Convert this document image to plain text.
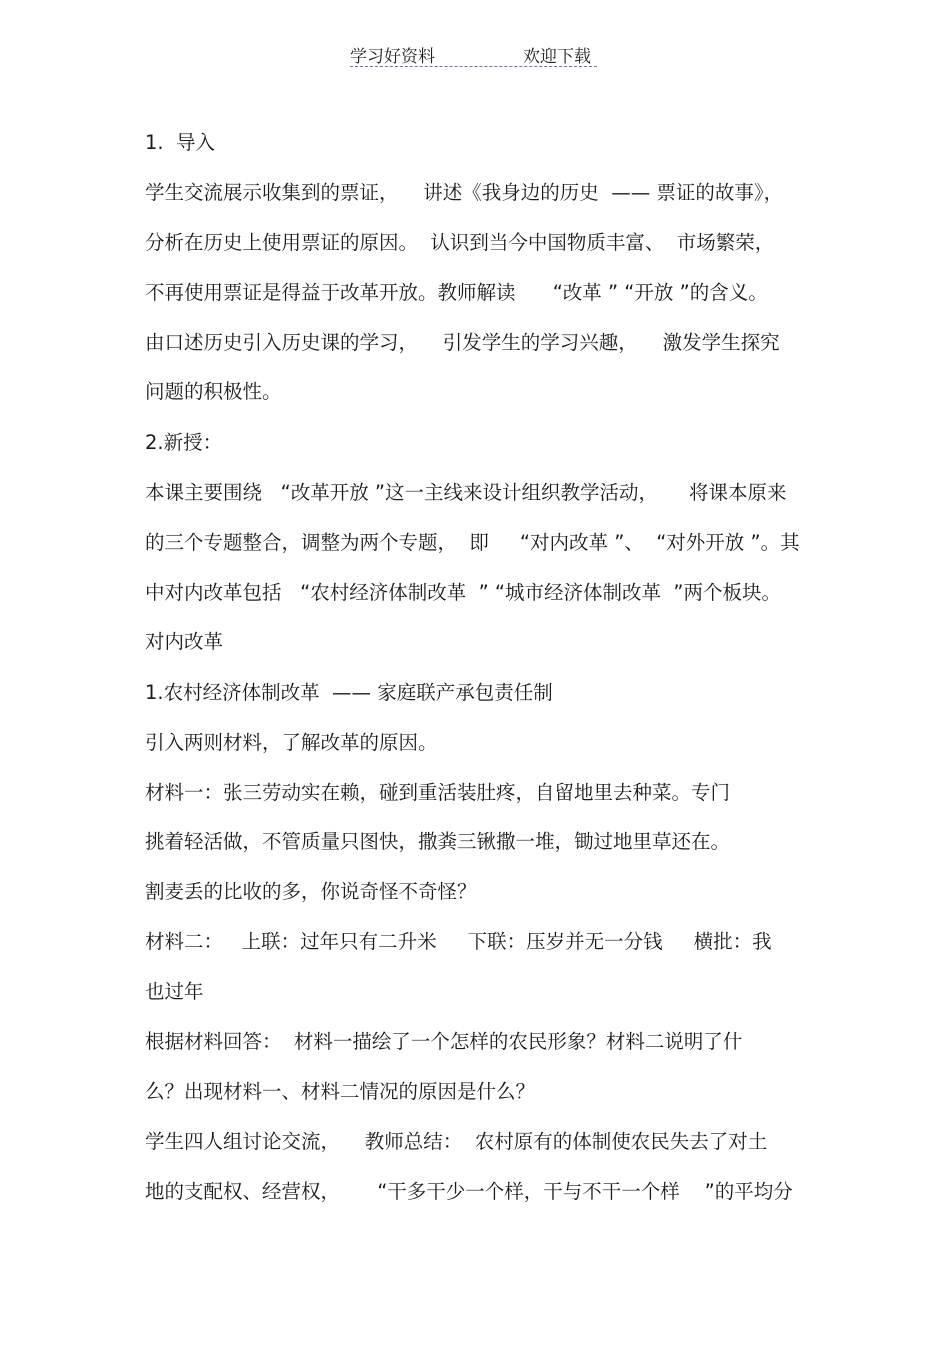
学习好资料	欢迎下载
1.  导入
学生交流展示收集到的票证，    讲述《我身边的历史  —— 票证的故事》，
分析在历史上使用票证的原因。  认识到当今中国物质丰富、  市场繁荣，
不再使用票证是得益于改革开放。教师解读      “改革 ” “开放 ”的含义。
由口述历史引入历史课的学习，    引发学生的学习兴趣，    激发学生探究
问题的积极性。
2.新授：
本课主要围绕   “改革开放 ”这一主线来设计组织教学活动，     将课本原来
的三个专题整合，调整为两个专题，  即     “对内改革 ”、  “对外开放 ”。其
中对内改革包括   “农村经济体制改革  ” “城市经济体制改革  ”两个板块。
对内改革
1.农村经济体制改革  —— 家庭联产承包责任制
引入两则材料，了解改革的原因。
材料一：张三劳动实在赖，碰到重活装肚疼，自留地里去种菜。专门
挑着轻活做，不管质量只图快，撒粪三锹撒一堆，锄过地里草还在。
割麦丢的比收的多，你说奇怪不奇怪？
材料二：   上联：过年只有二升米     下联：压岁并无一分钱     横批：我
也过年
根据材料回答：  材料一描绘了一个怎样的农民形象？材料二说明了什
么？出现材料一、材料二情况的原因是什么？
学生四人组讨论交流，    教师总结：  农村原有的体制使农民失去了对土
地的支配权、经营权，      “干多干少一个样，干与不干一个样    ”的平均分
